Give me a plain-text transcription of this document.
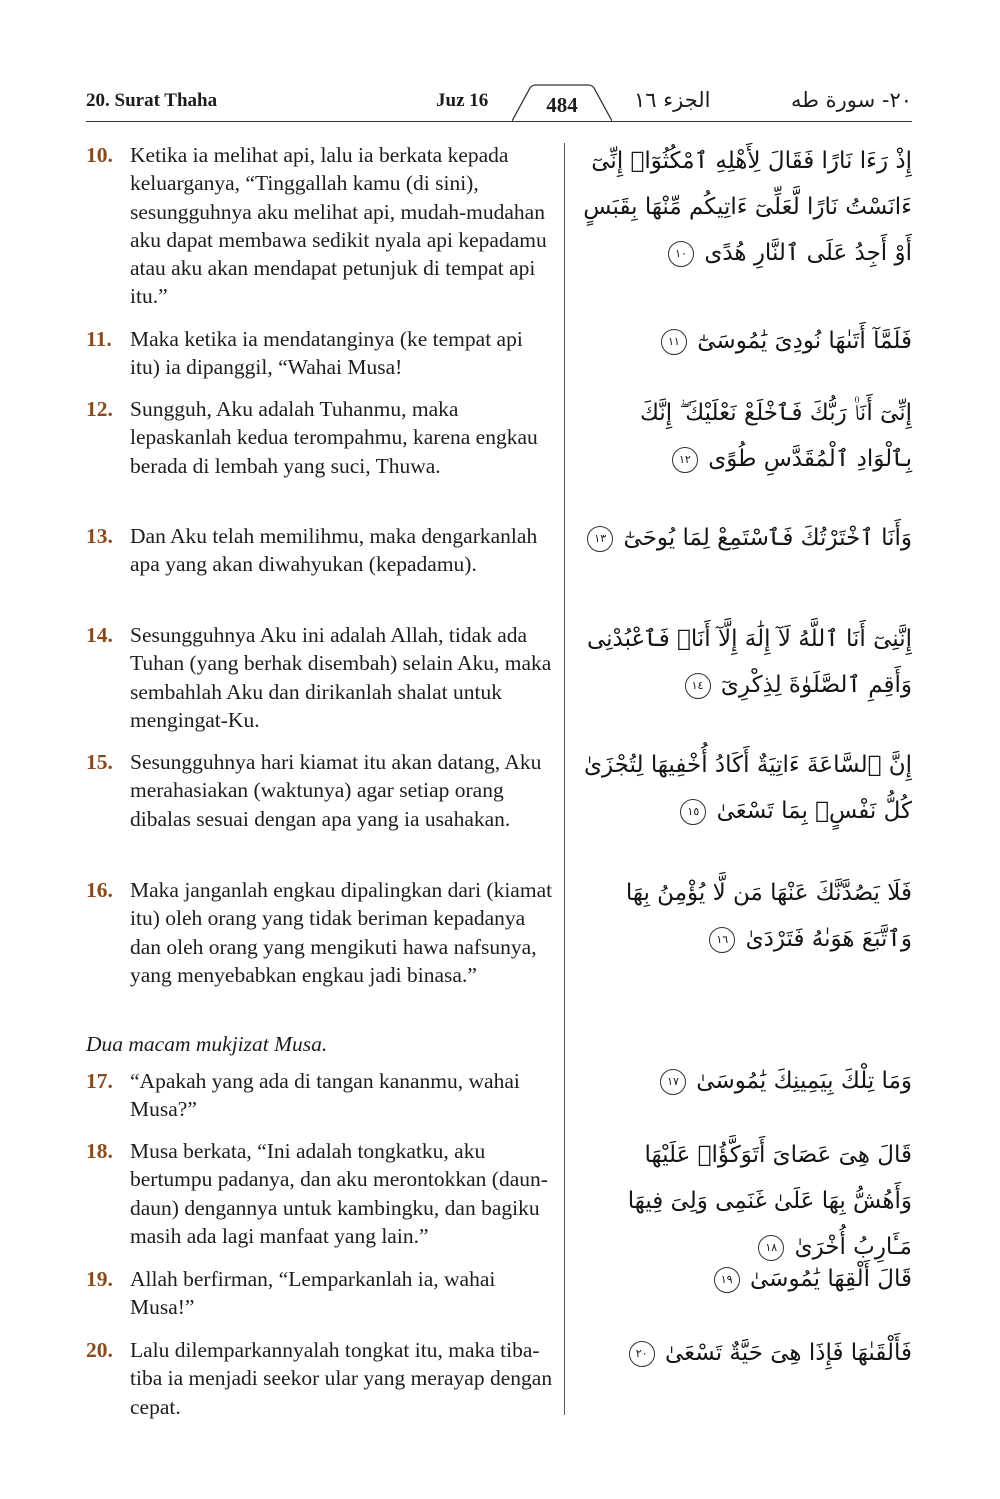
20. Surat Thaha	Juz 16	الجزء ١٦	٢٠- سورة طه
484
10. Ketika ia melihat api, lalu ia berkata kepada keluarganya, “Tinggallah kamu (di sini), sesungguhnya aku melihat api, mudah-mudahan aku dapat membawa sedikit nyala api kepadamu atau aku akan mendapat petunjuk di tempat api itu.”
11. Maka ketika ia mendatanginya (ke tempat api itu) ia dipanggil, “Wahai Musa!
12. Sungguh, Aku adalah Tuhanmu, maka lepaskanlah kedua terompahmu, karena engkau berada di lembah yang suci, Thuwa.
13. Dan Aku telah memilihmu, maka dengarkanlah apa yang akan diwahyukan (kepadamu).
14. Sesungguhnya Aku ini adalah Allah, tidak ada Tuhan (yang berhak disembah) selain Aku, maka sembahlah Aku dan dirikanlah shalat untuk mengingat-Ku.
15. Sesungguhnya hari kiamat itu akan datang, Aku merahasiakan (waktunya) agar setiap orang dibalas sesuai dengan apa yang ia usahakan.
16. Maka janganlah engkau dipalingkan dari (kiamat itu) oleh orang yang tidak beriman kepadanya dan oleh orang yang mengikuti hawa nafsunya, yang menyebabkan engkau jadi binasa.”
Dua macam mukjizat Musa.
17. “Apakah yang ada di tangan kananmu, wahai Musa?”
18. Musa berkata, “Ini adalah tongkatku, aku bertumpu padanya, dan aku merontokkan (daun-daun) dengannya untuk kambingku, dan bagiku masih ada lagi manfaat yang lain.”
19. Allah berfirman, “Lemparkanlah ia, wahai Musa!”
20. Lalu dilemparkannyalah tongkat itu, maka tiba-tiba ia menjadi seekor ular yang merayap dengan cepat.
إِذْ رَءَا نَارًا فَقَالَ لِأَهْلِهِ ٱمْكُثُوٓا۟ إِنِّىٓ ءَانَسْتُ نَارًا لَّعَلِّىٓ ءَاتِيكُم مِّنْهَا بِقَبَسٍ أَوْ أَجِدُ عَلَى ٱلنَّارِ هُدًى ١٠
فَلَمَّآ أَتَىٰهَا نُودِىَ يَٰمُوسَىٰٓ ١١
إِنِّىٓ أَنَا۠ رَبُّكَ فَٱخْلَعْ نَعْلَيْكَ ۖ إِنَّكَ بِٱلْوَادِ ٱلْمُقَدَّسِ طُوًى ١٢
وَأَنَا ٱخْتَرْتُكَ فَٱسْتَمِعْ لِمَا يُوحَىٰٓ ١٣
إِنَّنِىٓ أَنَا ٱللَّهُ لَآ إِلَٰهَ إِلَّآ أَنَا۠ فَٱعْبُدْنِى وَأَقِمِ ٱلصَّلَوٰةَ لِذِكْرِىٓ ١٤
إِنَّ ٱلسَّاعَةَ ءَاتِيَةٌ أَكَادُ أُخْفِيهَا لِتُجْزَىٰ كُلُّ نَفْسٍۭ بِمَا تَسْعَىٰ ١٥
فَلَا يَصُدَّنَّكَ عَنْهَا مَن لَّا يُؤْمِنُ بِهَا وَٱتَّبَعَ هَوَىٰهُ فَتَرْدَىٰ ١٦
وَمَا تِلْكَ بِيَمِينِكَ يَٰمُوسَىٰ ١٧
قَالَ هِىَ عَصَاىَ أَتَوَكَّؤُا۟ عَلَيْهَا وَأَهُشُّ بِهَا عَلَىٰ غَنَمِى وَلِىَ فِيهَا مَـَٔارِبُ أُخْرَىٰ ١٨
قَالَ أَلْقِهَا يَٰمُوسَىٰ ١٩
فَأَلْقَىٰهَا فَإِذَا هِىَ حَيَّةٌ تَسْعَىٰ ٢٠
